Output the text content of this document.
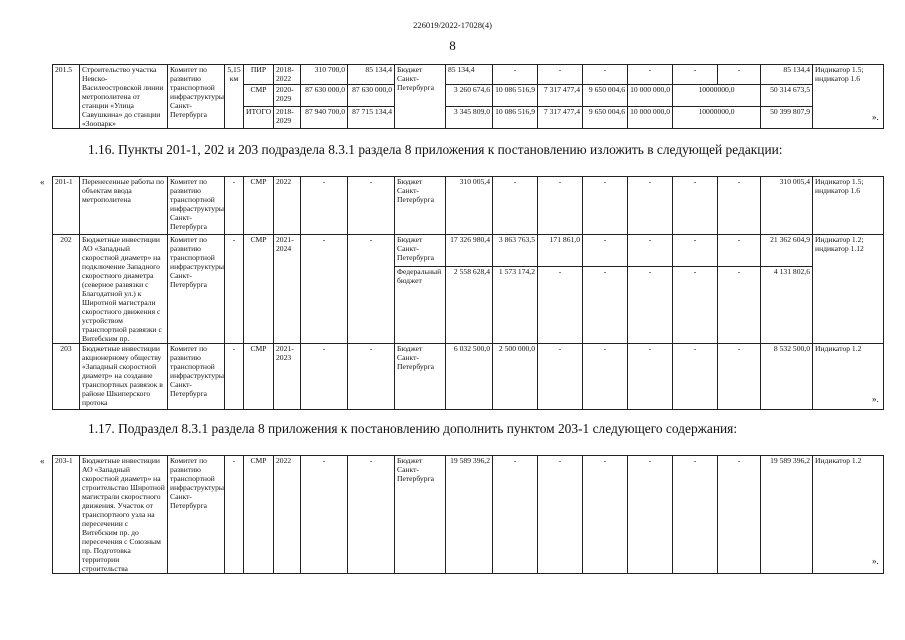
226019/2022-17028(4)
8
201.5	Строительство участка Невско-Василеостровской линии метрополитена от станции «Улица Савушкина» до станции «Зоопарк»	Комитет по развитию транспортной инфраструктуры Санкт-Петербурга	5,15 км	ПИР	2018-2022	310 700,0	85 134,4	Бюджет Санкт-Петербурга	85 134,4	-	-	-	-	-	-	85 134,4	Индикатор 1.5; индикатор 1.6
				СМР	2020-2029	87 630 000,0	87 630 000,0		3 260 674,6	10 086 516,9	7 317 477,4	9 650 004,6	10 000 000,0	10000000,0		50 314 673,5	
				ИТОГО	2018-2029	87 940 700,0	87 715 134,4		3 345 809,0	10 086 516,9	7 317 477,4	9 650 004,6	10 000 000,0	10000000,0		50 399 807,9	
».
1.16. Пункты 201-1, 202 и 203 подраздела 8.3.1 раздела 8 приложения к постановлению изложить в следующей редакции:
« 201-1	Перенесенные работы по объектам ввода метрополитена	Комитет по развитию транспортной инфраструктуры Санкт-Петербурга	-	СМР	2022	-	-	Бюджет Санкт-Петербурга	310 005,4	-	-	-	-	-	-	310 005,4	Индикатор 1.5; индикатор 1.6
202	Бюджетные инвестиции АО «Западный скоростной диаметр» на подключение Западного скоростного диаметра (северное развязки с Благодатной ул.) к Широтной магистрали скоростного движения с устройством транспортной развязки с Витебским пр.	Комитет по развитию транспортной инфраструктуры Санкт-Петербурга	-	СМР	2021-2024	-	-	Бюджет Санкт-Петербурга	17 326 980,4	3 863 763,5	171 861,0	-	-	-	-	21 362 604,9	Индикатор 1.2; индикатор 1.12
								Федеральный бюджет	2 558 628,4	1 573 174,2	-	-	-	-	-	4 131 802,6	
203	Бюджетные инвестиции акционерному обществу «Западный скоростной диаметр» на создание транспортных развязок в районе Шкиперского протока	Комитет по развитию транспортной инфраструктуры Санкт-Петербурга	-	СМР	2021-2023	-	-	Бюджет Санкт-Петербурга	6 032 500,0	2 500 000,0	-	-	-	-	-	8 532 500,0	Индикатор 1.2
».
1.17. Подраздел 8.3.1 раздела 8 приложения к постановлению дополнить пунктом 203-1 следующего содержания:
« 203-1	Бюджетные инвестиции АО «Западный скоростной диаметр» на строительство Широтной магистрали скоростного движения. Участок от транспортного узла на пересечении с Витебским пр. до пересечения с Союзным пр. Подготовка территории строительства	Комитет по развитию транспортной инфраструктуры Санкт-Петербурга	-	СМР	2022	-	-	Бюджет Санкт-Петербурга	19 589 396,2	-	-	-	-	-	-	19 589 396,2	Индикатор 1.2
».
